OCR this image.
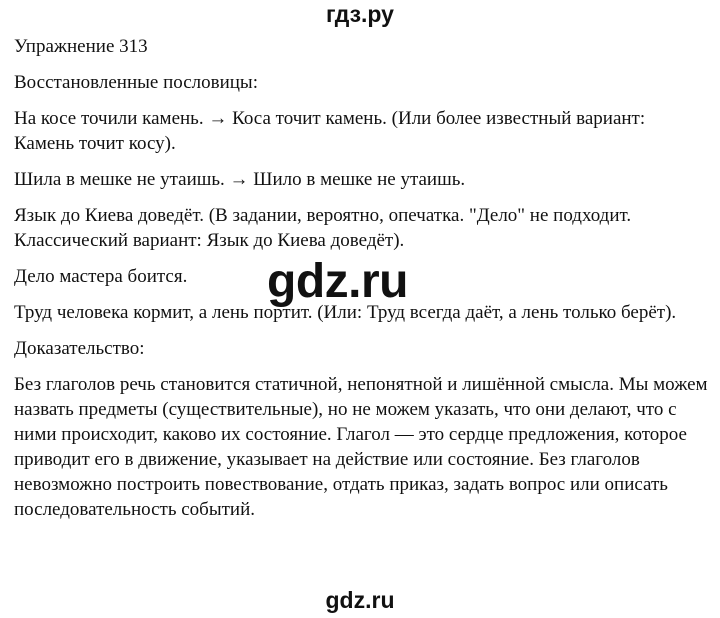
гдз.ру

Упражнение 313

Восстановленные пословицы:

На косе точили камень. → Коса точит камень. (Или более известный вариант: Камень точит косу).

Шила в мешке не утаишь. → Шило в мешке не утаишь.

Язык до Киева доведёт. (В задании, вероятно, опечатка. "Дело" не подходит. Классический вариант: Язык до Киева доведёт).

Дело мастера боится.

Труд человека кормит, а лень портит. (Или: Труд всегда даёт, а лень только берёт).

Доказательство:

Без глаголов речь становится статичной, непонятной и лишённой смысла. Мы можем назвать предметы (существительные), но не можем указать, что они делают, что с ними происходит, каково их состояние. Глагол — это сердце предложения, которое приводит его в движение, указывает на действие или состояние. Без глаголов невозможно построить повествование, отдать приказ, задать вопрос или описать последовательность событий.

gdz.ru
gdz.ru
